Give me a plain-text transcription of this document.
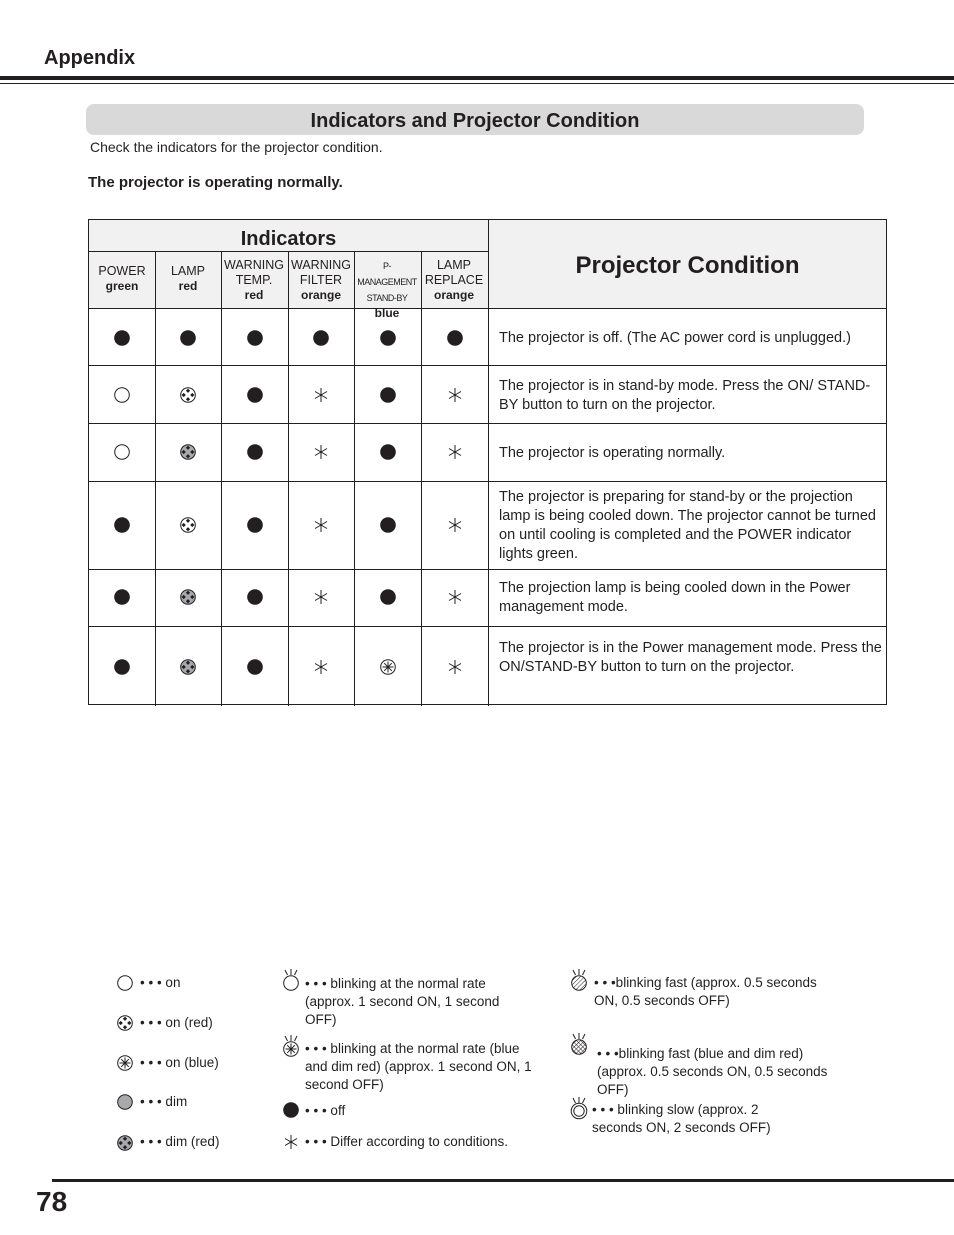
Appendix
Indicators and Projector Condition
Check the indicators for the projector condition.
The projector is operating normally.
Indicators
Projector Condition
POWER
green
LAMP
red
WARNING TEMP.
red
WARNING FILTER
orange
P-MANAGEMENT STAND-BY
blue
LAMP REPLACE
orange
The projector is off. (The AC power cord is unplugged.)
The projector is in stand-by mode. Press the ON/ STAND-BY button to turn on the projector.
The projector is operating normally.
The projector is preparing for stand-by or the projection lamp is being cooled down. The projector cannot be turned on until cooling is completed and the POWER indicator lights green.
The projection lamp is being cooled down in the Power management mode.
The projector is in the Power management mode. Press the ON/STAND-BY button to turn on the projector.
• • • on
• • • on (red)
• • • on (blue)
• • • dim
• • • dim (red)
• • • blinking at the normal rate (approx. 1 second ON, 1 second OFF)
• • • blinking at the normal rate (blue and dim red) (approx. 1 second ON, 1 second OFF)
• • • off
• • • Differ according to conditions.
• • •blinking fast (approx. 0.5 seconds ON, 0.5 seconds OFF)
• • •blinking fast (blue and dim red) (approx. 0.5 seconds ON, 0.5 seconds OFF)
• • • blinking slow (approx. 2 seconds ON, 2 seconds OFF)
78
